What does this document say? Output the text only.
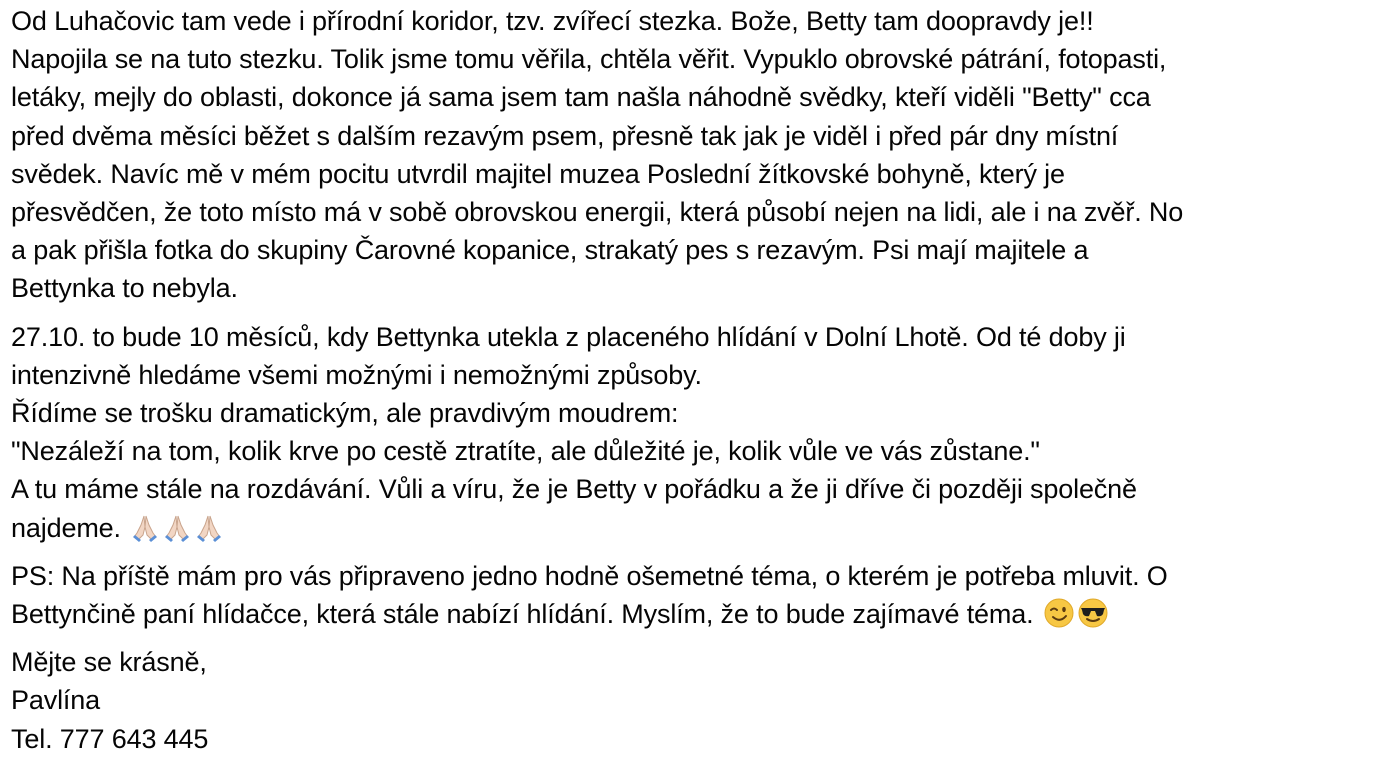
Od Luhačovic tam vede i přírodní koridor, tzv. zvířecí stezka. Bože, Betty tam doopravdy je!!
Napojila se na tuto stezku. Tolik jsme tomu věřila, chtěla věřit. Vypuklo obrovské pátrání, fotopasti,
letáky, mejly do oblasti, dokonce já sama jsem tam našla náhodně svědky, kteří viděli "Betty" cca
před dvěma měsíci běžet s dalším rezavým psem, přesně tak jak je viděl i před pár dny místní
svědek. Navíc mě v mém pocitu utvrdil majitel muzea Poslední žítkovské bohyně, který je
přesvědčen, že toto místo má v sobě obrovskou energii, která působí nejen na lidi, ale i na zvěř. No
a pak přišla fotka do skupiny Čarovné kopanice, strakatý pes s rezavým. Psi mají majitele a
Bettynka to nebyla.
27.10. to bude 10 měsíců, kdy Bettynka utekla z placeného hlídání v Dolní Lhotě. Od té doby ji
intenzivně hledáme všemi možnými i nemožnými způsoby.
Řídíme se trošku dramatickým, ale pravdivým moudrem:
"Nezáleží na tom, kolik krve po cestě ztratíte, ale důležité je, kolik vůle ve vás zůstane."
A tu máme stále na rozdávání. Vůli a víru, že je Betty v pořádku a že ji dříve či později společně
najdeme.
PS: Na příště mám pro vás připraveno jedno hodně ošemetné téma, o kterém je potřeba mluvit. O
Bettynčině paní hlídačce, která stále nabízí hlídání. Myslím, že to bude zajímavé téma.
Mějte se krásně,
Pavlína
Tel. 777 643 445
